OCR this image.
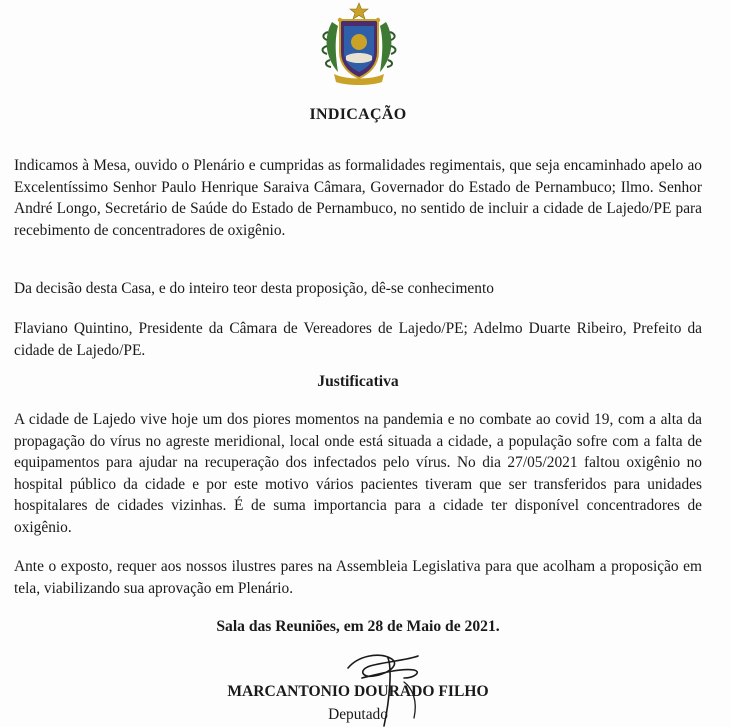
INDICAÇÃO

Indicamos à Mesa, ouvido o Plenário e cumpridas as formalidades regimentais, que seja encaminhado apelo ao Excelentíssimo Senhor Paulo Henrique Saraiva Câmara, Governador do Estado de Pernambuco; Ilmo. Senhor André Longo, Secretário de Saúde do Estado de Pernambuco, no sentido de incluir a cidade de Lajedo/PE para recebimento de concentradores de oxigênio.

Da decisão desta Casa, e do inteiro teor desta proposição, dê-se conhecimento

Flaviano Quintino, Presidente da Câmara de Vereadores de Lajedo/PE; Adelmo Duarte Ribeiro, Prefeito da cidade de Lajedo/PE.

Justificativa

A cidade de Lajedo vive hoje um dos piores momentos na pandemia e no combate ao covid 19, com a alta da propagação do vírus no agreste meridional, local onde está situada a cidade, a população sofre com a falta de equipamentos para ajudar na recuperação dos infectados pelo vírus. No dia 27/05/2021 faltou oxigênio no hospital público da cidade e por este motivo vários pacientes tiveram que ser transferidos para unidades hospitalares de cidades vizinhas. É de suma importancia para a cidade ter disponível concentradores de oxigênio.

Ante o exposto, requer aos nossos ilustres pares na Assembleia Legislativa para que acolham a proposição em tela, viabilizando sua aprovação em Plenário.

Sala das Reuniões, em 28 de Maio de 2021.
MARCANTONIO DOURADO FILHO
Deputado
